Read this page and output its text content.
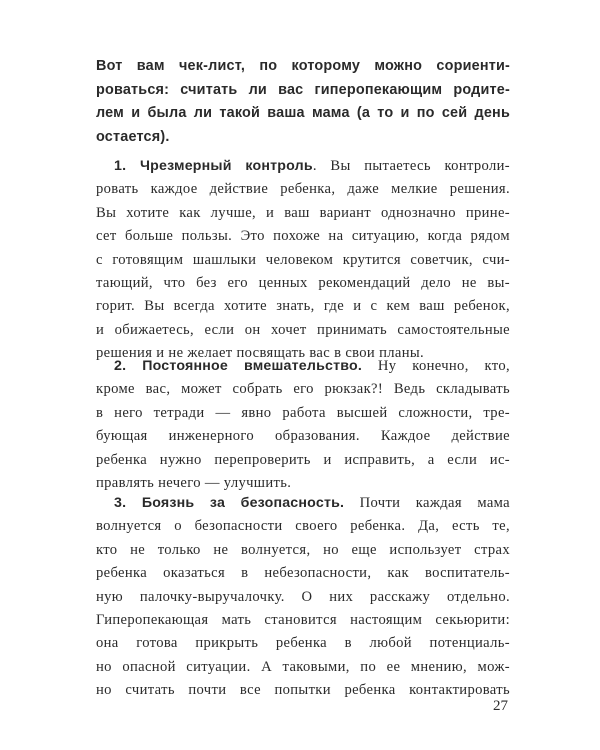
Вот вам чек-лист, по которому можно сориенти-
роваться: считать ли вас гиперопекающим родите-
лем и была ли такой ваша мама (а то и по сей день
остается).
1. Чрезмерный контроль. Вы пытаетесь контроли-
ровать каждое действие ребенка, даже мелкие решения.
Вы хотите как лучше, и ваш вариант однозначно прине-
сет больше пользы. Это похоже на ситуацию, когда рядом
с готовящим шашлыки человеком крутится советчик, счи-
тающий, что без его ценных рекомендаций дело не вы-
горит. Вы всегда хотите знать, где и с кем ваш ребенок,
и обижаетесь, если он хочет принимать самостоятельные
решения и не желает посвящать вас в свои планы.
2. Постоянное вмешательство. Ну конечно, кто,
кроме вас, может собрать его рюкзак?! Ведь складывать
в него тетради — явно работа высшей сложности, тре-
бующая инженерного образования. Каждое действие
ребенка нужно перепроверить и исправить, а если ис-
правлять нечего — улучшить.
3. Боязнь за безопасность. Почти каждая мама
волнуется о безопасности своего ребенка. Да, есть те,
кто не только не волнуется, но еще использует страх
ребенка оказаться в небезопасности, как воспитатель-
ную палочку-выручалочку. О них расскажу отдельно.
Гиперопекающая мать становится настоящим секьюрити:
она готова прикрыть ребенка в любой потенциаль-
но опасной ситуации. А таковыми, по ее мнению, мож-
но считать почти все попытки ребенка контактировать
27
